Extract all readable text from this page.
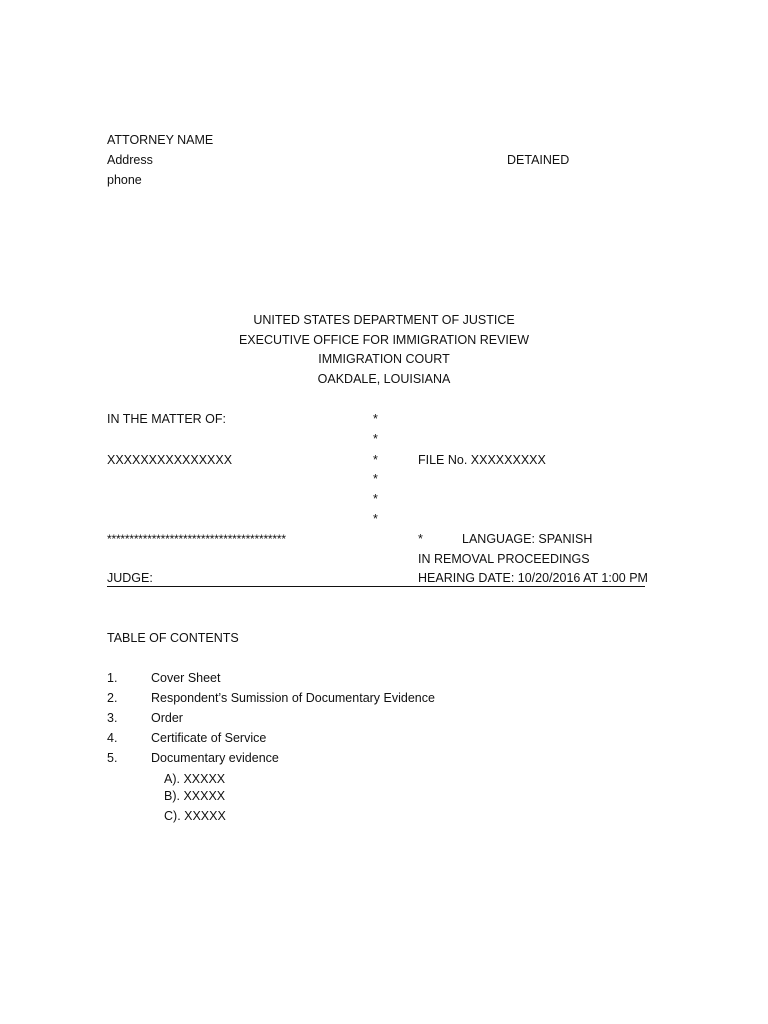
ATTORNEY NAME
Address
phone
DETAINED
UNITED STATES DEPARTMENT OF JUSTICE
EXECUTIVE OFFICE FOR IMMIGRATION REVIEW
IMMIGRATION COURT
OAKDALE, LOUISIANA
IN THE MATTER OF:
XXXXXXXXXXXXXXX
*
*
*
*
*
*
FILE No. XXXXXXXXX
****************************************	*	LANGUAGE: SPANISH
IN REMOVAL PROCEEDINGS
JUDGE:	HEARING DATE: 10/20/2016 AT 1:00 PM
TABLE OF CONTENTS
1.	Cover Sheet
2.	Respondent’s Sumission of Documentary Evidence
3.	Order
4.	Certificate of Service
5.	Documentary evidence
A). XXXXX
B). XXXXX
C). XXXXX
